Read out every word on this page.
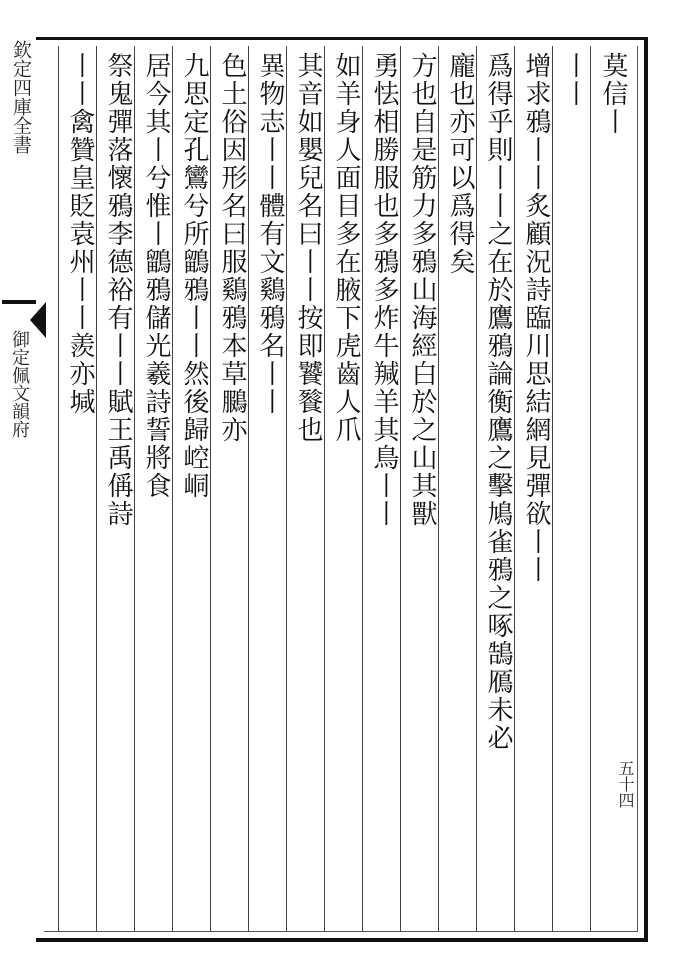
欽定四庫全書
御定佩文韻府
莫信丨
丨丨
增求鴉丨丨炙顧況詩臨川思結網見彈欲丨丨
爲得乎則丨丨之在於鷹鴉論衡鷹之擊鳩雀鴉之啄鵠鴈未必
龐也亦可以爲得矣
方也自是筋力多鴉山海經白於之山其獸
勇怯相勝服也多鴉多炸牛羬羊其鳥丨丨
如羊身人面目多在腋下虎齒人爪
其音如嬰兒名曰丨丨按即饕餮也
異物志丨丨體有文鷄鴉名丨丨
色土俗因形名曰服鷄鴉本草鵩亦
九思定孔鸞兮所鶹鴉丨丨然後歸崆峒
居今其丨兮惟丨鶹鴉儲光羲詩誓將食
祭鬼彈落懷鴉李德裕有丨丨賦王禹偁詩
丨丨禽贊皇貶袁州丨丨羨亦堿
五十四
